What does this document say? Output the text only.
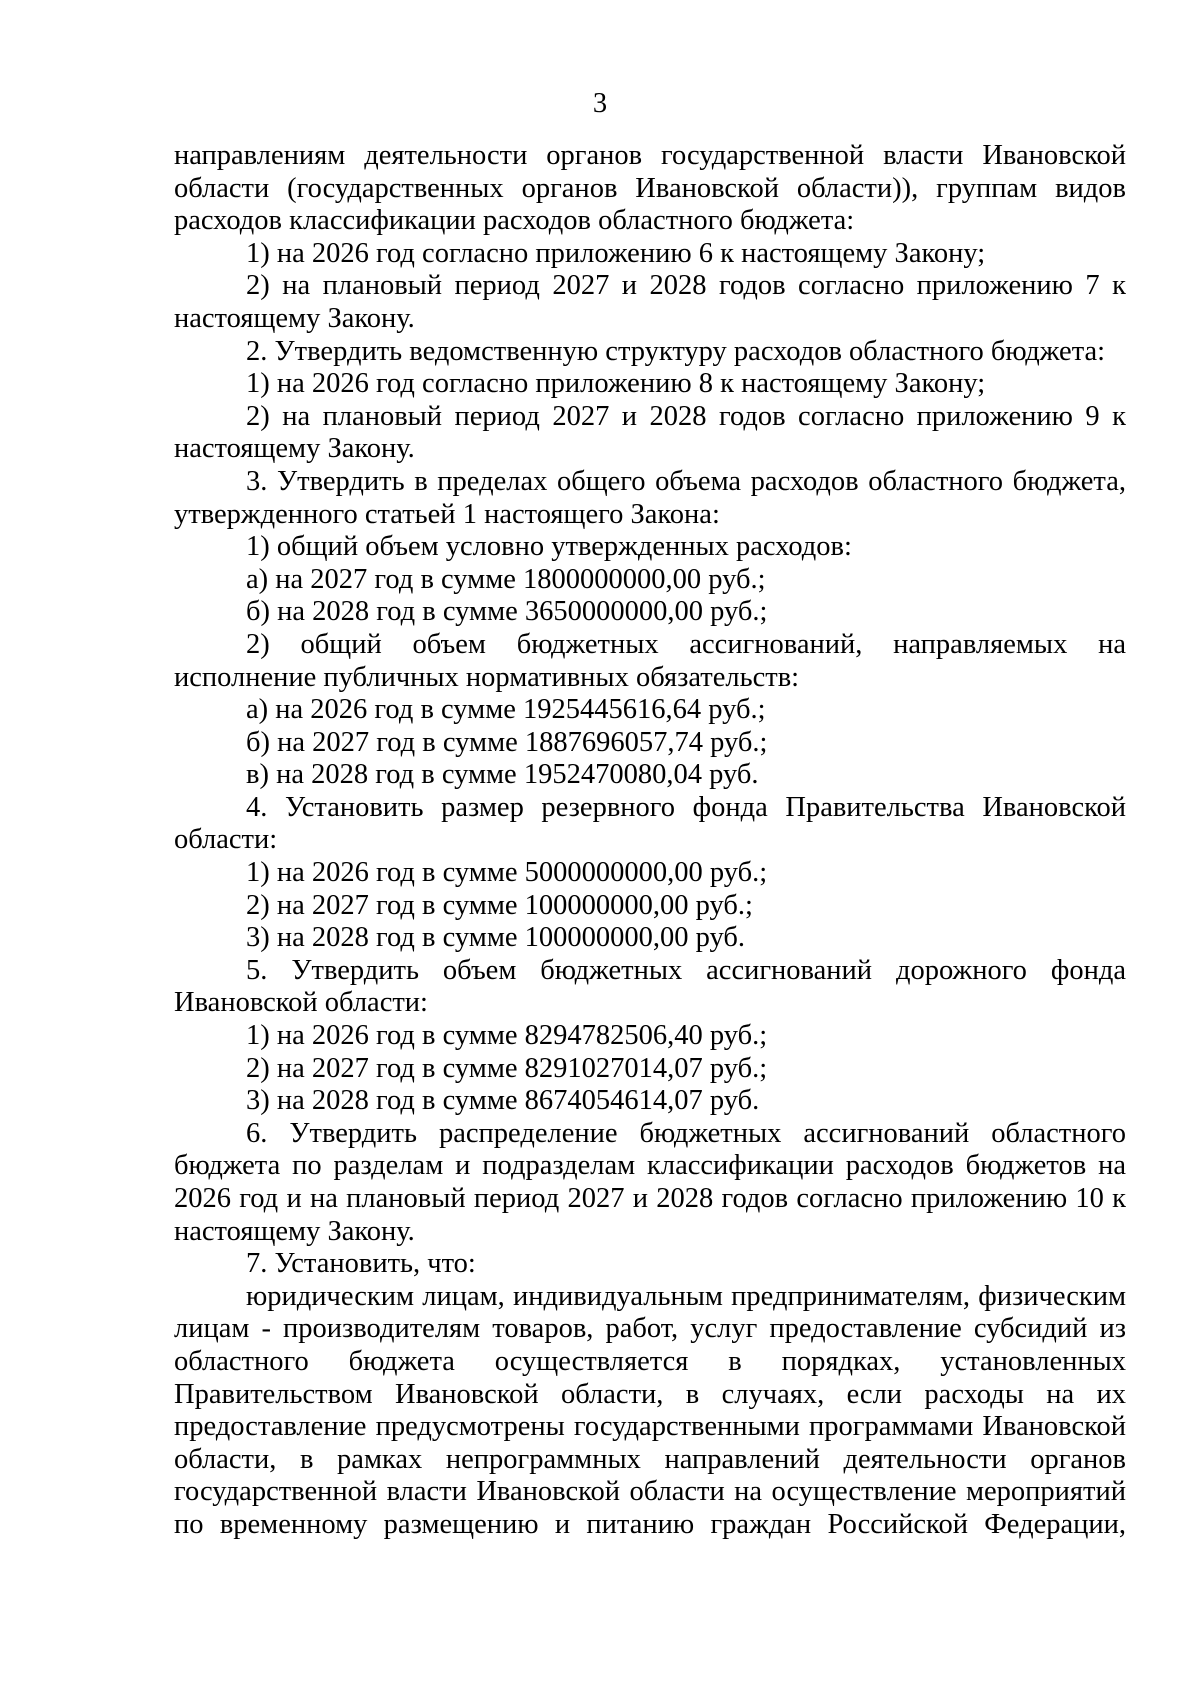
3

направлениям деятельности органов государственной власти Ивановской области (государственных органов Ивановской области)), группам видов расходов классификации расходов областного бюджета:

1) на 2026 год согласно приложению 6 к настоящему Закону;

2) на плановый период 2027 и 2028 годов согласно приложению 7 к настоящему Закону.

2. Утвердить ведомственную структуру расходов областного бюджета:

1) на 2026 год согласно приложению 8 к настоящему Закону;

2) на плановый период 2027 и 2028 годов согласно приложению 9 к настоящему Закону.

3. Утвердить в пределах общего объема расходов областного бюджета, утвержденного статьей 1 настоящего Закона:

1) общий объем условно утвержденных расходов:

а) на 2027 год в сумме 1800000000,00 руб.;

б) на 2028 год в сумме 3650000000,00 руб.;

2) общий объем бюджетных ассигнований, направляемых на исполнение публичных нормативных обязательств:

а) на 2026 год в сумме 1925445616,64 руб.;

б) на 2027 год в сумме 1887696057,74 руб.;

в) на 2028 год в сумме 1952470080,04 руб.

4. Установить размер резервного фонда Правительства Ивановской области:

1) на 2026 год в сумме 5000000000,00 руб.;

2) на 2027 год в сумме 100000000,00 руб.;

3) на 2028 год в сумме 100000000,00 руб.

5. Утвердить объем бюджетных ассигнований дорожного фонда Ивановской области:

1) на 2026 год в сумме 8294782506,40 руб.;

2) на 2027 год в сумме 8291027014,07 руб.;

3) на 2028 год в сумме 8674054614,07 руб.

6. Утвердить распределение бюджетных ассигнований областного бюджета по разделам и подразделам классификации расходов бюджетов на 2026 год и на плановый период 2027 и 2028 годов согласно приложению 10 к настоящему Закону.

7. Установить, что:

юридическим лицам, индивидуальным предпринимателям, физическим лицам - производителям товаров, работ, услуг предоставление субсидий из областного бюджета осуществляется в порядках, установленных Правительством Ивановской области, в случаях, если расходы на их предоставление предусмотрены государственными программами Ивановской области, в рамках непрограммных направлений деятельности органов государственной власти Ивановской области на осуществление мероприятий по временному размещению и питанию граждан Российской Федерации,
